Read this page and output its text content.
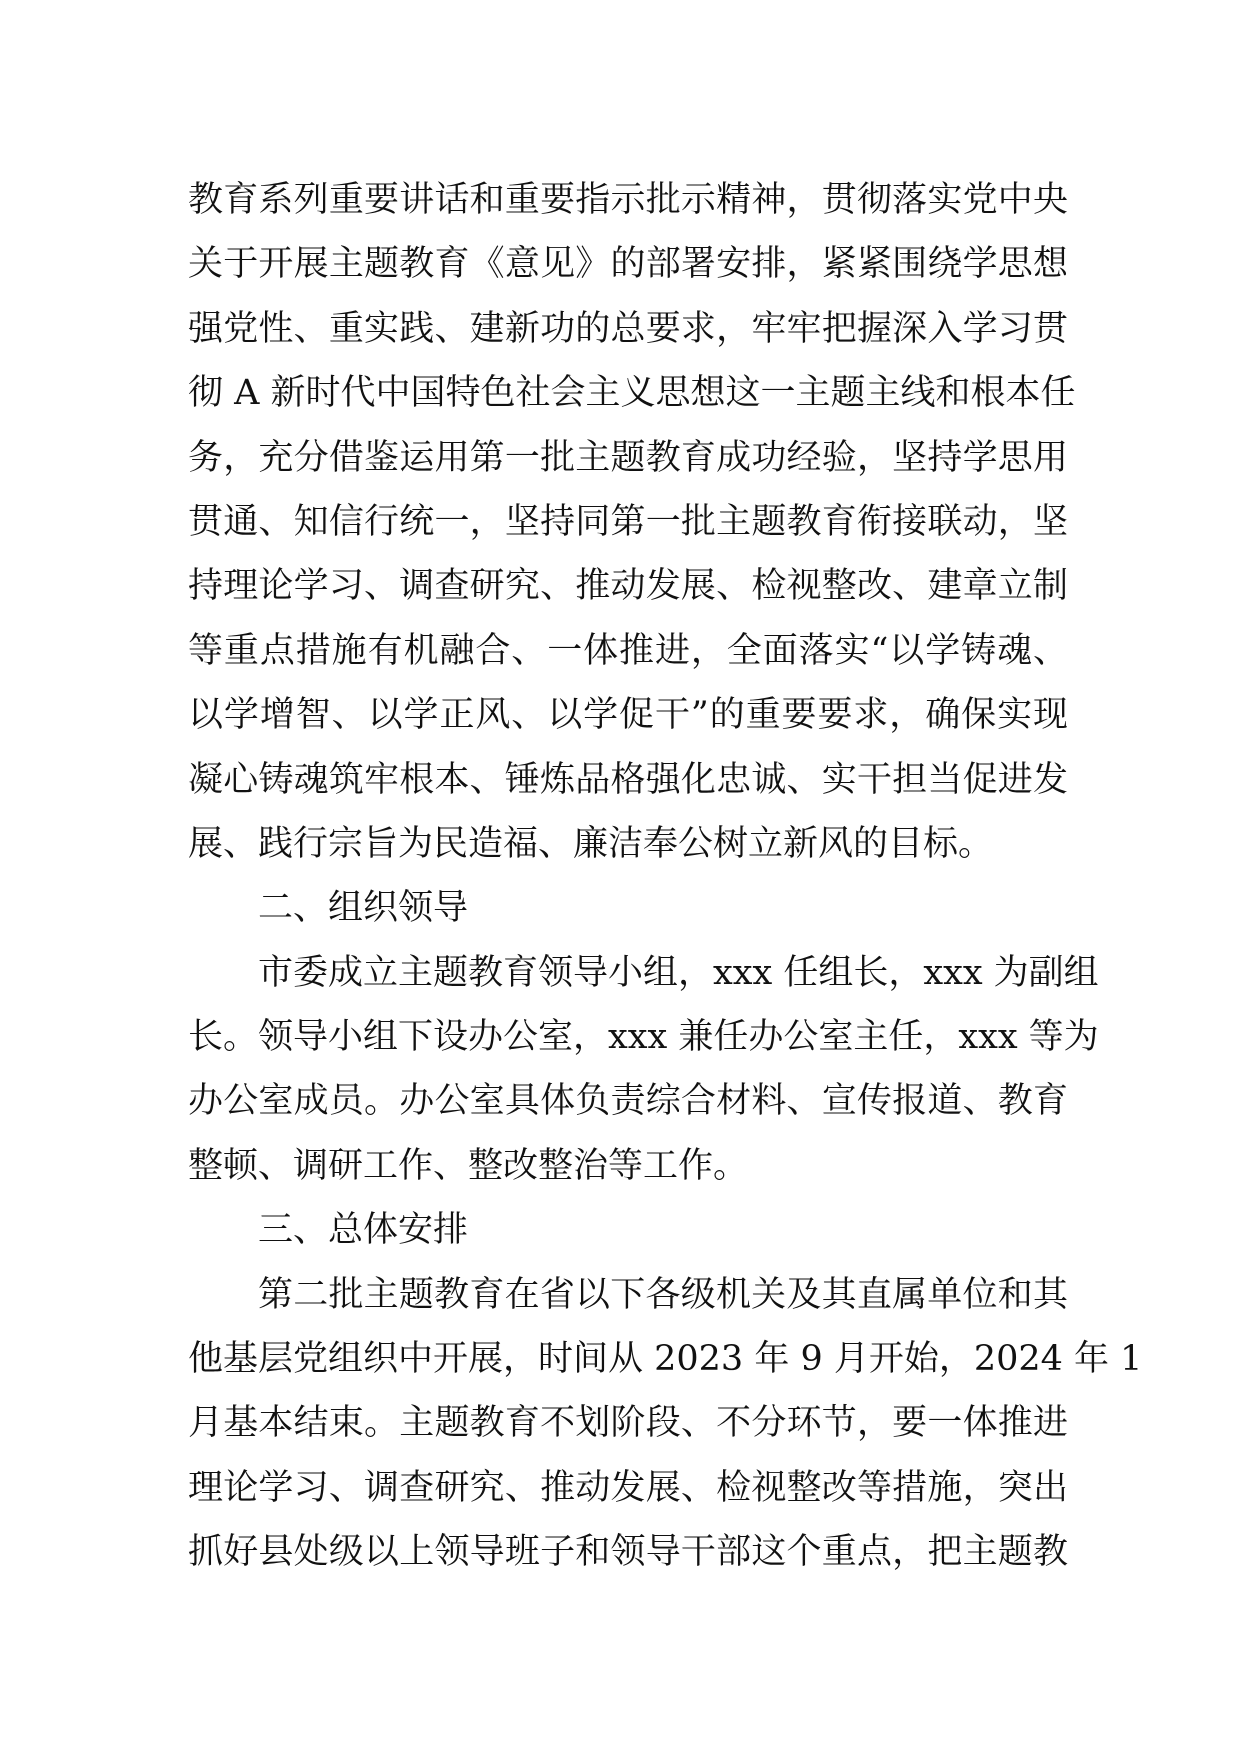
教育系列重要讲话和重要指示批示精神，贯彻落实党中央
关于开展主题教育《意见》的部署安排，紧紧围绕学思想
强党性、重实践、建新功的总要求，牢牢把握深入学习贯
彻 A 新时代中国特色社会主义思想这一主题主线和根本任
务，充分借鉴运用第一批主题教育成功经验，坚持学思用
贯通、知信行统一，坚持同第一批主题教育衔接联动，坚
持理论学习、调查研究、推动发展、检视整改、建章立制
等重点措施有机融合、一体推进，全面落实“以学铸魂、
以学增智、以学正风、以学促干”的重要要求，确保实现
凝心铸魂筑牢根本、锤炼品格强化忠诚、实干担当促进发
展、践行宗旨为民造福、廉洁奉公树立新风的目标。
二、组织领导
市委成立主题教育领导小组，xxx 任组长，xxx 为副组
长。领导小组下设办公室，xxx 兼任办公室主任，xxx 等为
办公室成员。办公室具体负责综合材料、宣传报道、教育
整顿、调研工作、整改整治等工作。
三、总体安排
第二批主题教育在省以下各级机关及其直属单位和其
他基层党组织中开展，时间从 2023 年 9 月开始，2024 年 1
月基本结束。主题教育不划阶段、不分环节，要一体推进
理论学习、调查研究、推动发展、检视整改等措施，突出
抓好县处级以上领导班子和领导干部这个重点，把主题教
